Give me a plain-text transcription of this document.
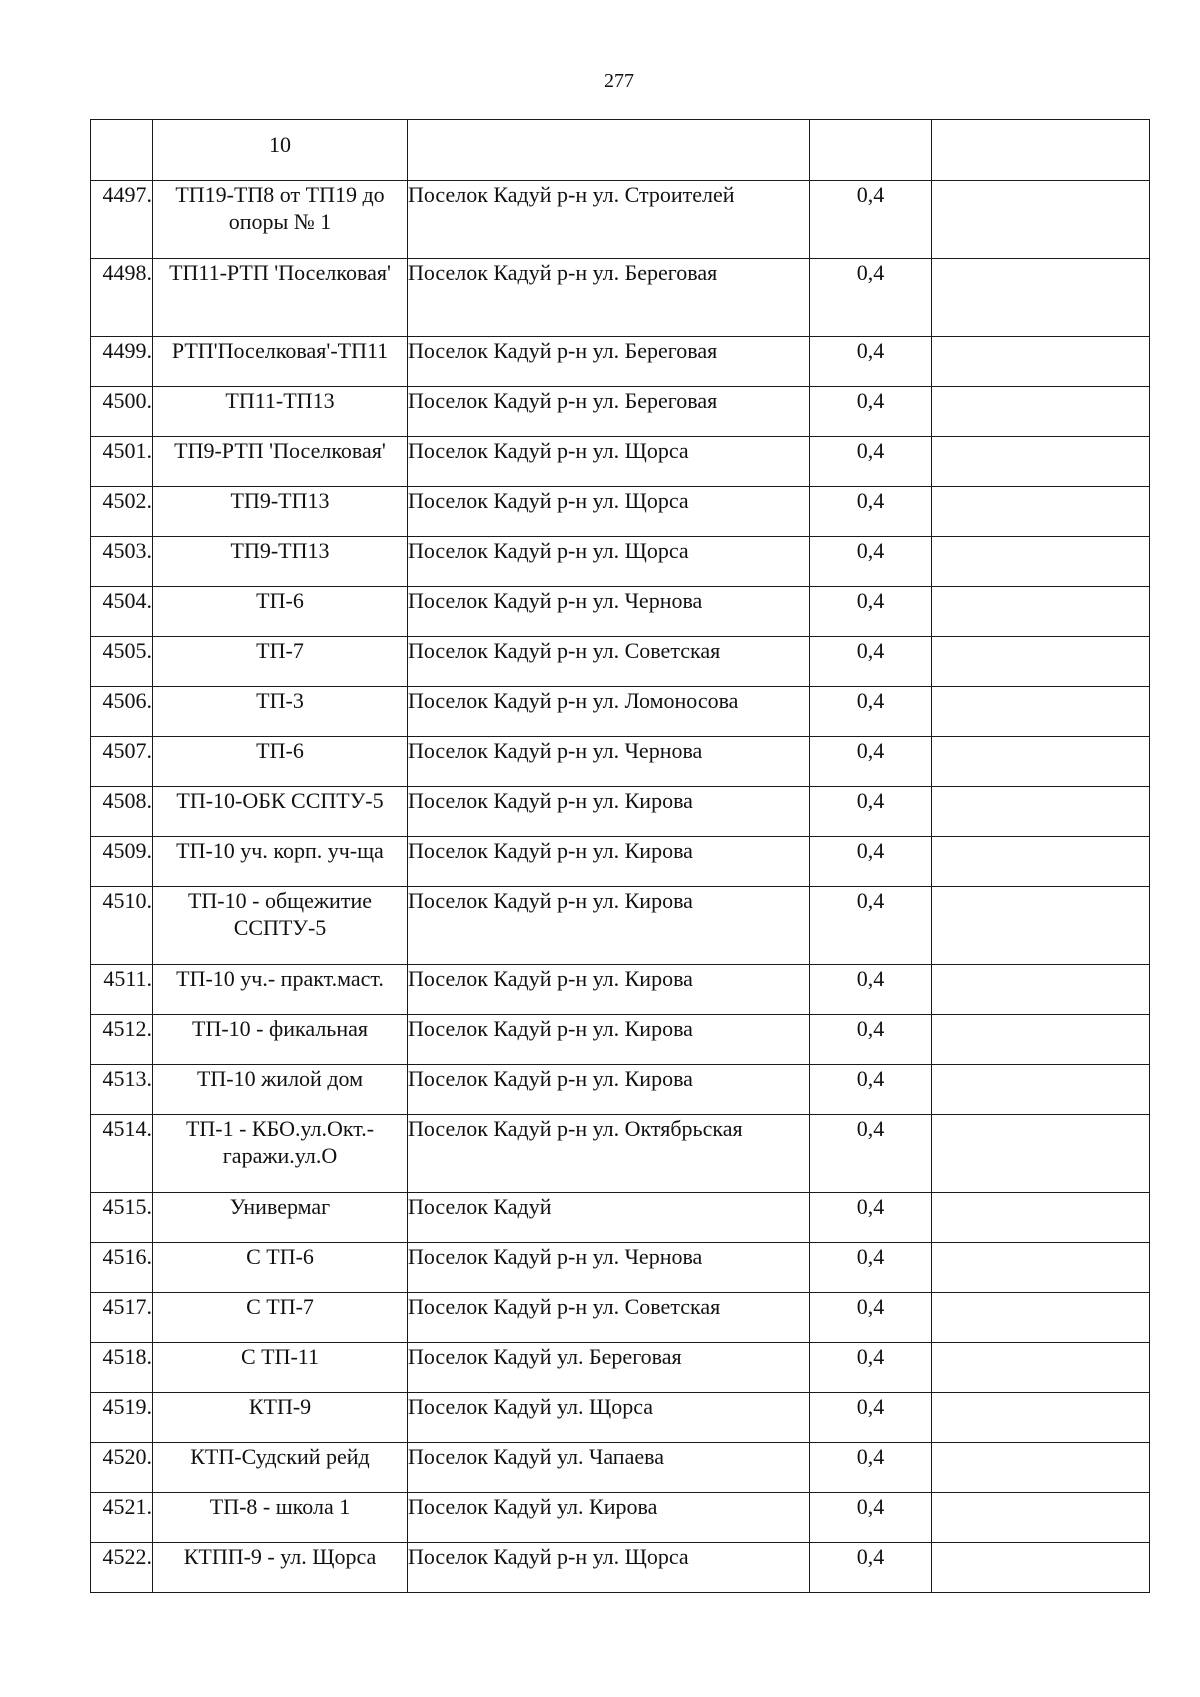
277
	10			
4497.	ТП19-ТП8 от ТП19 до опоры № 1	Поселок Кадуй р-н ул. Строителей	0,4	
4498.	ТП11-РТП 'Поселковая'	Поселок Кадуй р-н ул. Береговая	0,4	
4499.	РТП'Поселковая'-ТП11	Поселок Кадуй р-н ул. Береговая	0,4	
4500.	ТП11-ТП13	Поселок Кадуй р-н ул. Береговая	0,4	
4501.	ТП9-РТП 'Поселковая'	Поселок Кадуй р-н ул. Щорса	0,4	
4502.	ТП9-ТП13	Поселок Кадуй р-н ул. Щорса	0,4	
4503.	ТП9-ТП13	Поселок Кадуй р-н ул. Щорса	0,4	
4504.	ТП-6	Поселок Кадуй р-н ул. Чернова	0,4	
4505.	ТП-7	Поселок Кадуй р-н ул. Советская	0,4	
4506.	ТП-3	Поселок Кадуй р-н ул. Ломоносова	0,4	
4507.	ТП-6	Поселок Кадуй р-н ул. Чернова	0,4	
4508.	ТП-10-ОБК ССПТУ-5	Поселок Кадуй р-н ул. Кирова	0,4	
4509.	ТП-10 уч. корп. уч-ща	Поселок Кадуй р-н ул. Кирова	0,4	
4510.	ТП-10 - общежитие ССПТУ-5	Поселок Кадуй р-н ул. Кирова	0,4	
4511.	ТП-10 уч.- практ.маст.	Поселок Кадуй р-н ул. Кирова	0,4	
4512.	ТП-10 - фикальная	Поселок Кадуй р-н ул. Кирова	0,4	
4513.	ТП-10 жилой дом	Поселок Кадуй р-н ул. Кирова	0,4	
4514.	ТП-1 - КБО.ул.Окт.-гаражи.ул.О	Поселок Кадуй р-н ул. Октябрьская	0,4	
4515.	Универмаг	Поселок Кадуй	0,4	
4516.	С ТП-6	Поселок Кадуй р-н ул. Чернова	0,4	
4517.	С ТП-7	Поселок Кадуй р-н ул. Советская	0,4	
4518.	С ТП-11	Поселок Кадуй ул. Береговая	0,4	
4519.	КТП-9	Поселок Кадуй ул. Щорса	0,4	
4520.	КТП-Судский рейд	Поселок Кадуй ул. Чапаева	0,4	
4521.	ТП-8 - школа 1	Поселок Кадуй ул. Кирова	0,4	
4522.	КТПП-9 - ул. Щорса	Поселок Кадуй р-н ул. Щорса	0,4	
